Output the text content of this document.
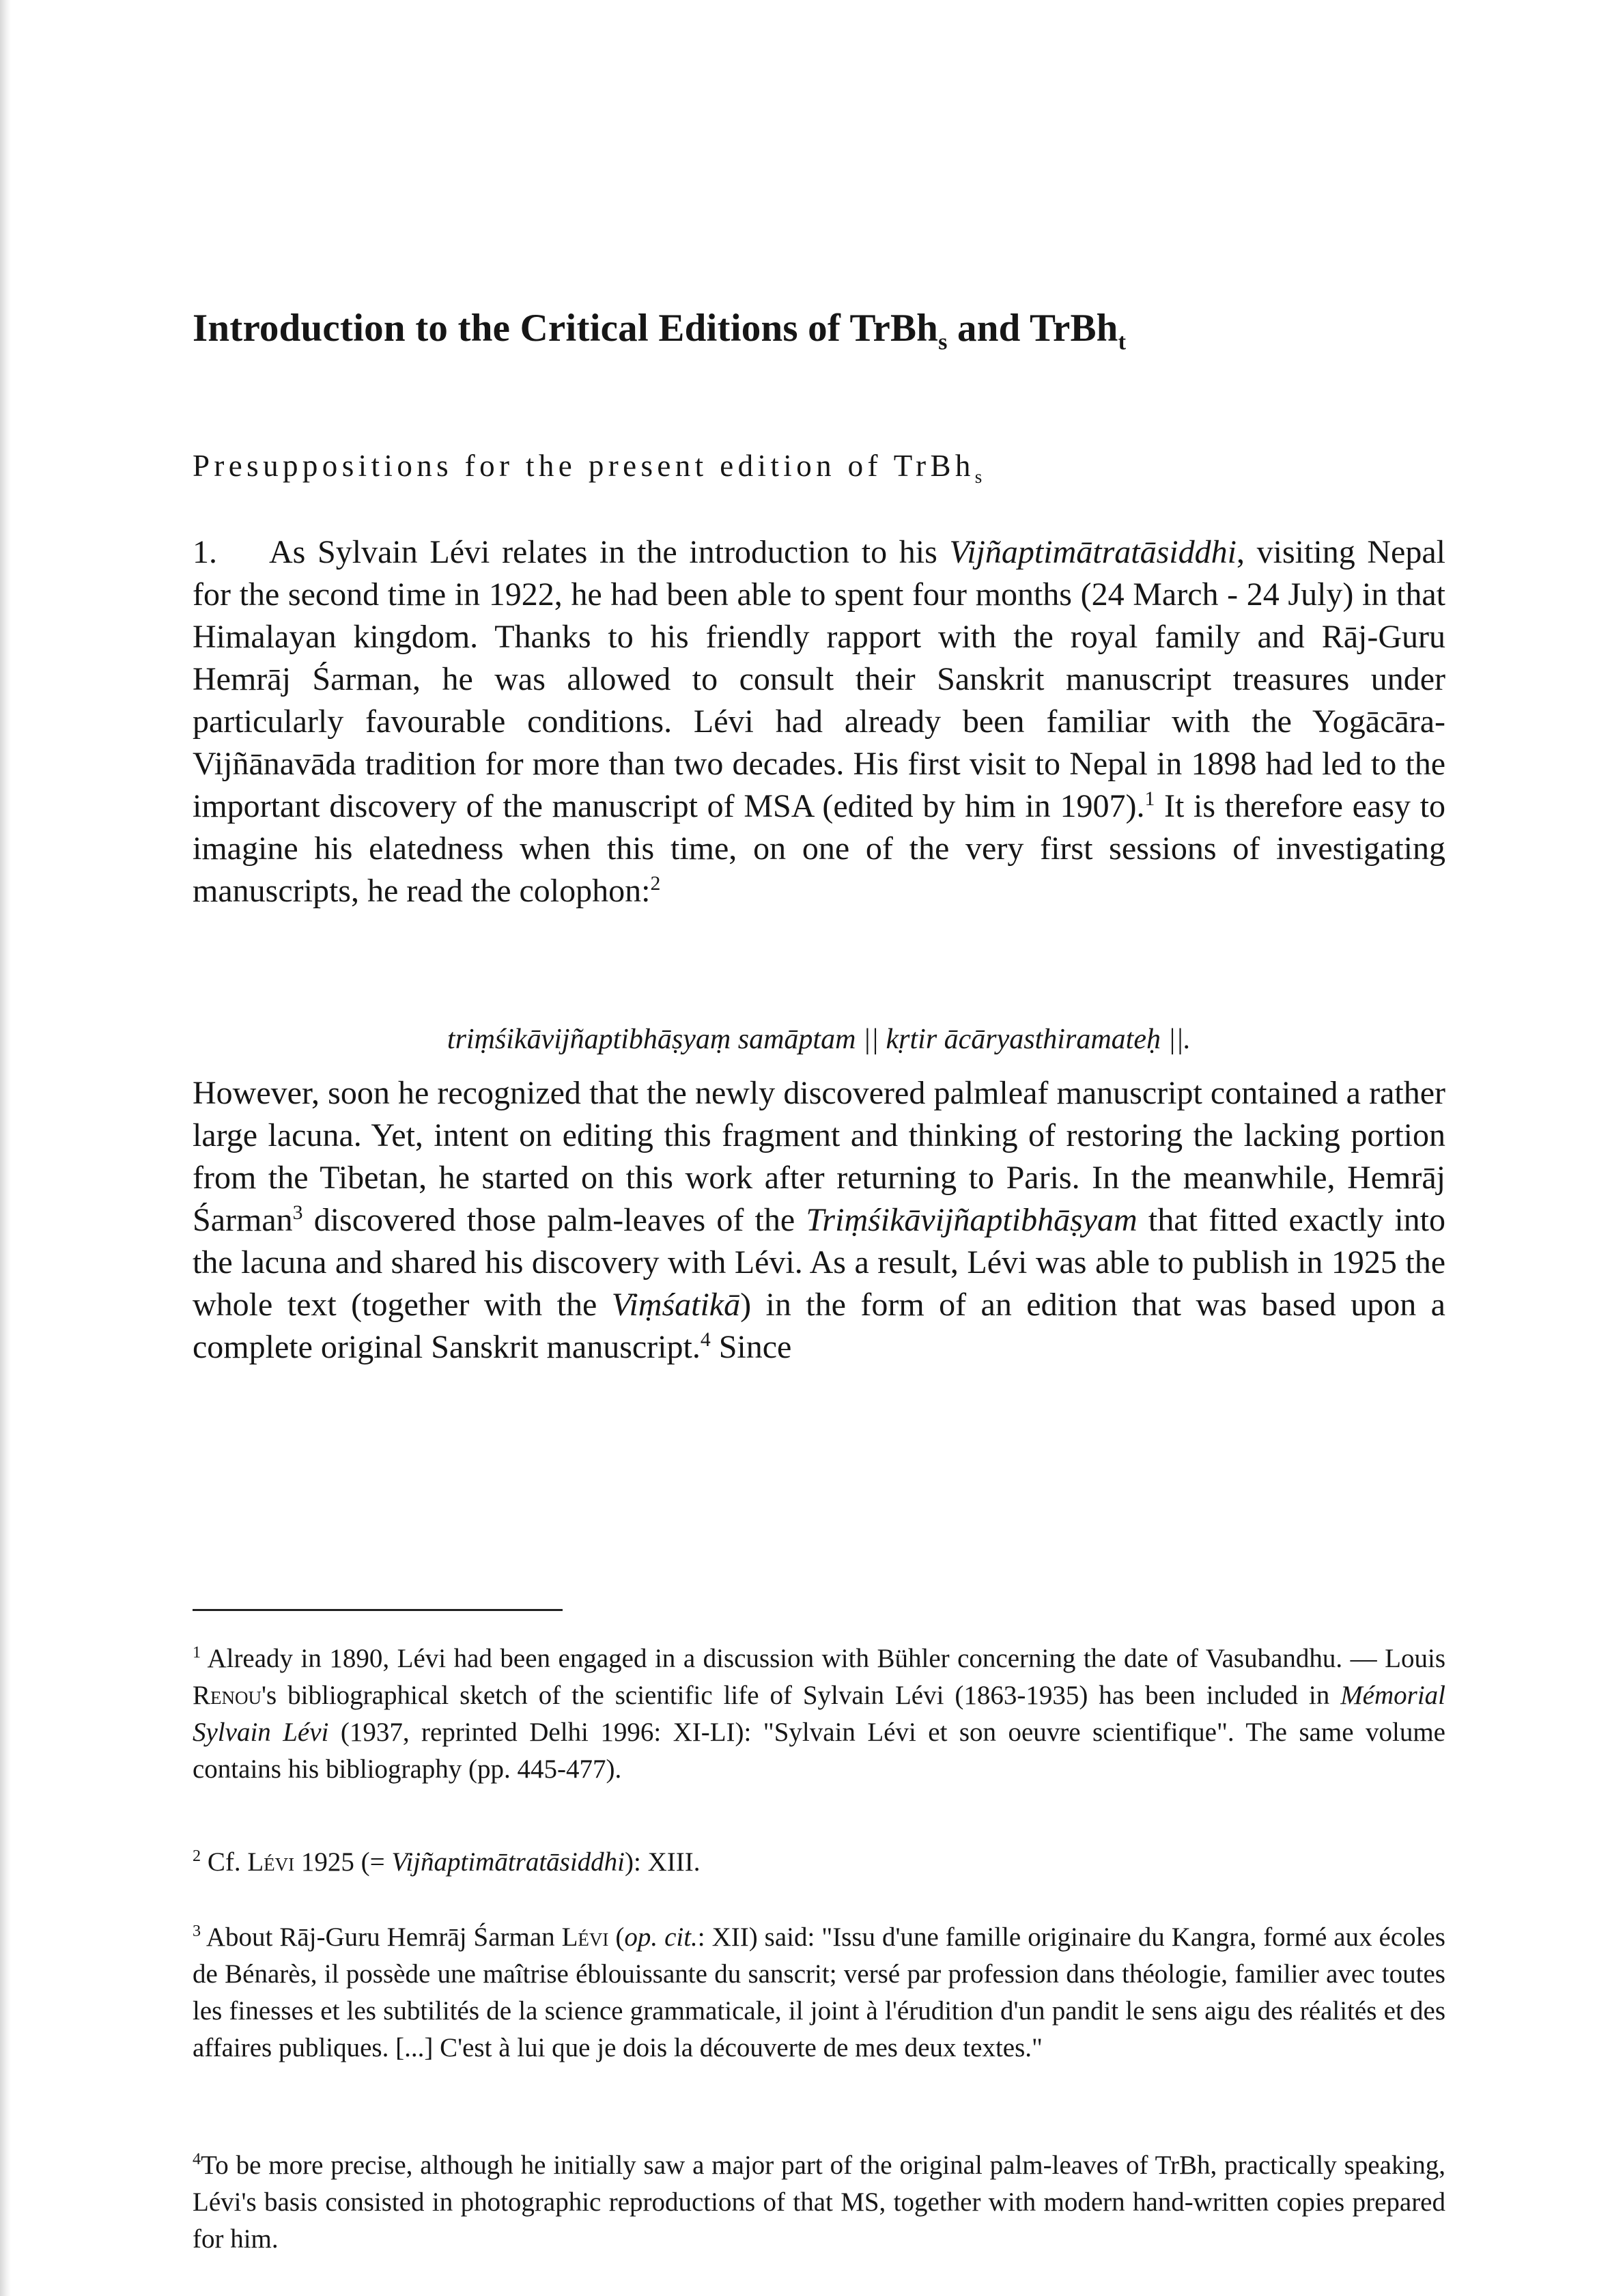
Introduction to the Critical Editions of TrBh$_s$ and TrBh$_t$
Presuppositions for the present edition of TrBh$_s$

1. As Sylvain Lévi relates in the introduction to his Vijñaptimātratāsiddhi, visiting Nepal for the second time in 1922, he had been able to spent four months (24 March - 24 July) in that Himalayan kingdom. Thanks to his friendly rapport with the royal family and Rāj-Guru Hemrāj Śarman, he was allowed to consult their Sanskrit manuscript treasures under particularly favourable conditions. Lévi had already been familiar with the Yogācāra-Vijñānavāda tradition for more than two decades. His first visit to Nepal in 1898 had led to the important discovery of the manuscript of MSA (edited by him in 1907).$^1$ It is therefore easy to imagine his elatedness when this time, on one of the very first sessions of investigating manuscripts, he read the colophon:$^2$

triṃśikāvijñaptibhāṣyaṃ samāptam || kṛtir ācāryasthiramateḥ ||.

However, soon he recognized that the newly discovered palmleaf manuscript contained a rather large lacuna. Yet, intent on editing this fragment and thinking of restoring the lacking portion from the Tibetan, he started on this work after returning to Paris. In the meanwhile, Hemrāj Śarman$^3$ discovered those palm-leaves of the Triṃśikāvijñaptibhāṣyam that fitted exactly into the lacuna and shared his discovery with Lévi. As a result, Lévi was able to publish in 1925 the whole text (together with the Viṃśatikā) in the form of an edition that was based upon a complete original Sanskrit manuscript.$^4$ Since

$^1$ Already in 1890, Lévi had been engaged in a discussion with Bühler concerning the date of Vasubandhu. — Louis Renou's bibliographical sketch of the scientific life of Sylvain Lévi (1863-1935) has been included in Mémorial Sylvain Lévi (1937, reprinted Delhi 1996: XI-LI): "Sylvain Lévi et son oeuvre scientifique". The same volume contains his bibliography (pp. 445-477).

$^2$ Cf. Lévi 1925 (= Vijñaptimātratāsiddhi): XIII.

$^3$ About Rāj-Guru Hemrāj Śarman Lévi (op. cit.: XII) said: "Issu d'une famille originaire du Kangra, formé aux écoles de Bénarès, il possède une maîtrise éblouissante du sanscrit; versé par profession dans théologie, familier avec toutes les finesses et les subtilités de la science grammaticale, il joint à l'érudition d'un pandit le sens aigu des réalités et des affaires publiques. [...] C'est à lui que je dois la découverte de mes deux textes."

$^4$To be more precise, although he initially saw a major part of the original palm-leaves of TrBh, practically speaking, Lévi's basis consisted in photographic reproductions of that MS, together with modern hand-written copies prepared for him.
